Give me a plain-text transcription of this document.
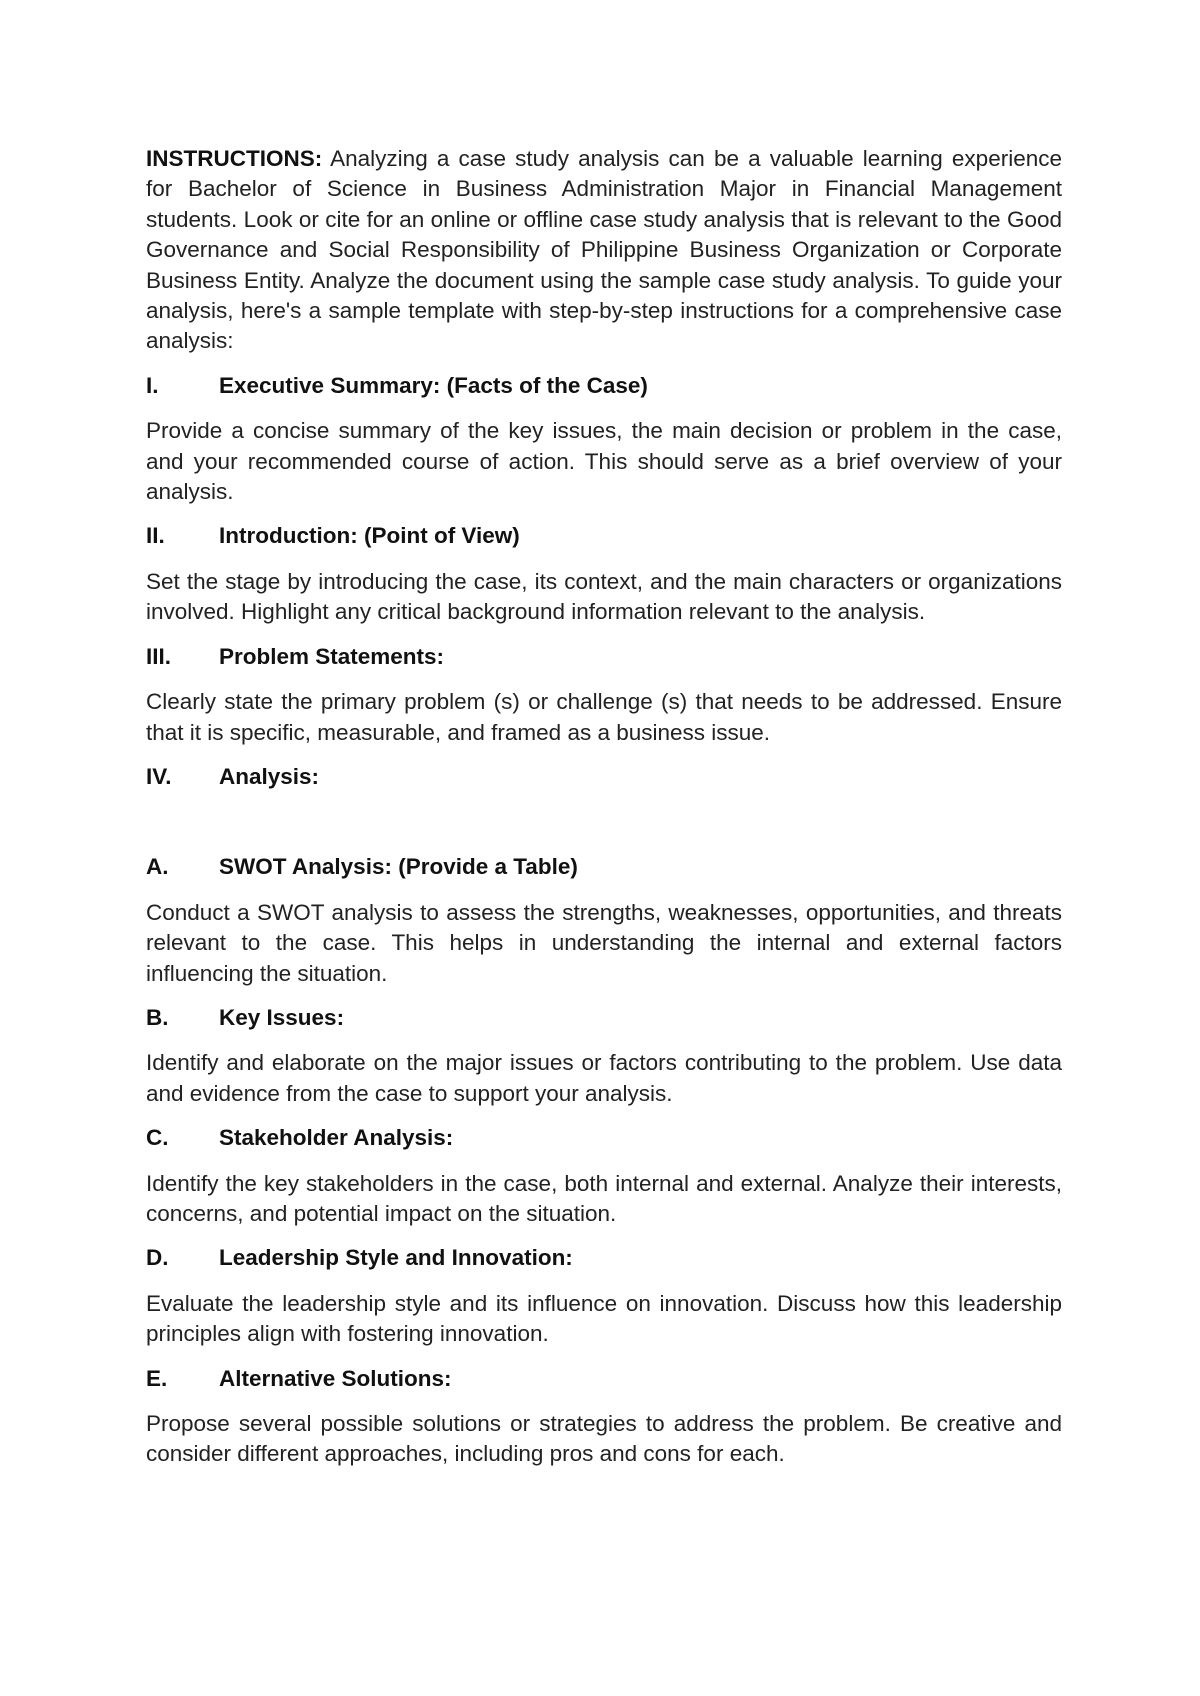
INSTRUCTIONS: Analyzing a case study analysis can be a valuable learning experience for Bachelor of Science in Business Administration Major in Financial Management students. Look or cite for an online or offline case study analysis that is relevant to the Good Governance and Social Responsibility of Philippine Business Organization or Corporate Business Entity. Analyze the document using the sample case study analysis. To guide your analysis, here's a sample template with step-by-step instructions for a comprehensive case analysis:

I.	Executive Summary: (Facts of the Case)

Provide a concise summary of the key issues, the main decision or problem in the case, and your recommended course of action. This should serve as a brief overview of your analysis.

II.	Introduction: (Point of View)

Set the stage by introducing the case, its context, and the main characters or organizations involved. Highlight any critical background information relevant to the analysis.

III.	Problem Statements:

Clearly state the primary problem (s) or challenge (s) that needs to be addressed. Ensure that it is specific, measurable, and framed as a business issue.

IV.	Analysis:
A.	SWOT Analysis: (Provide a Table)

Conduct a SWOT analysis to assess the strengths, weaknesses, opportunities, and threats relevant to the case. This helps in understanding the internal and external factors influencing the situation.

B.	Key Issues:

Identify and elaborate on the major issues or factors contributing to the problem. Use data and evidence from the case to support your analysis.

C.	Stakeholder Analysis:

Identify the key stakeholders in the case, both internal and external. Analyze their interests, concerns, and potential impact on the situation.

D.	Leadership Style and Innovation:

Evaluate the leadership style and its influence on innovation. Discuss how this leadership principles align with fostering innovation.

E.	Alternative Solutions:

Propose several possible solutions or strategies to address the problem. Be creative and consider different approaches, including pros and cons for each.
